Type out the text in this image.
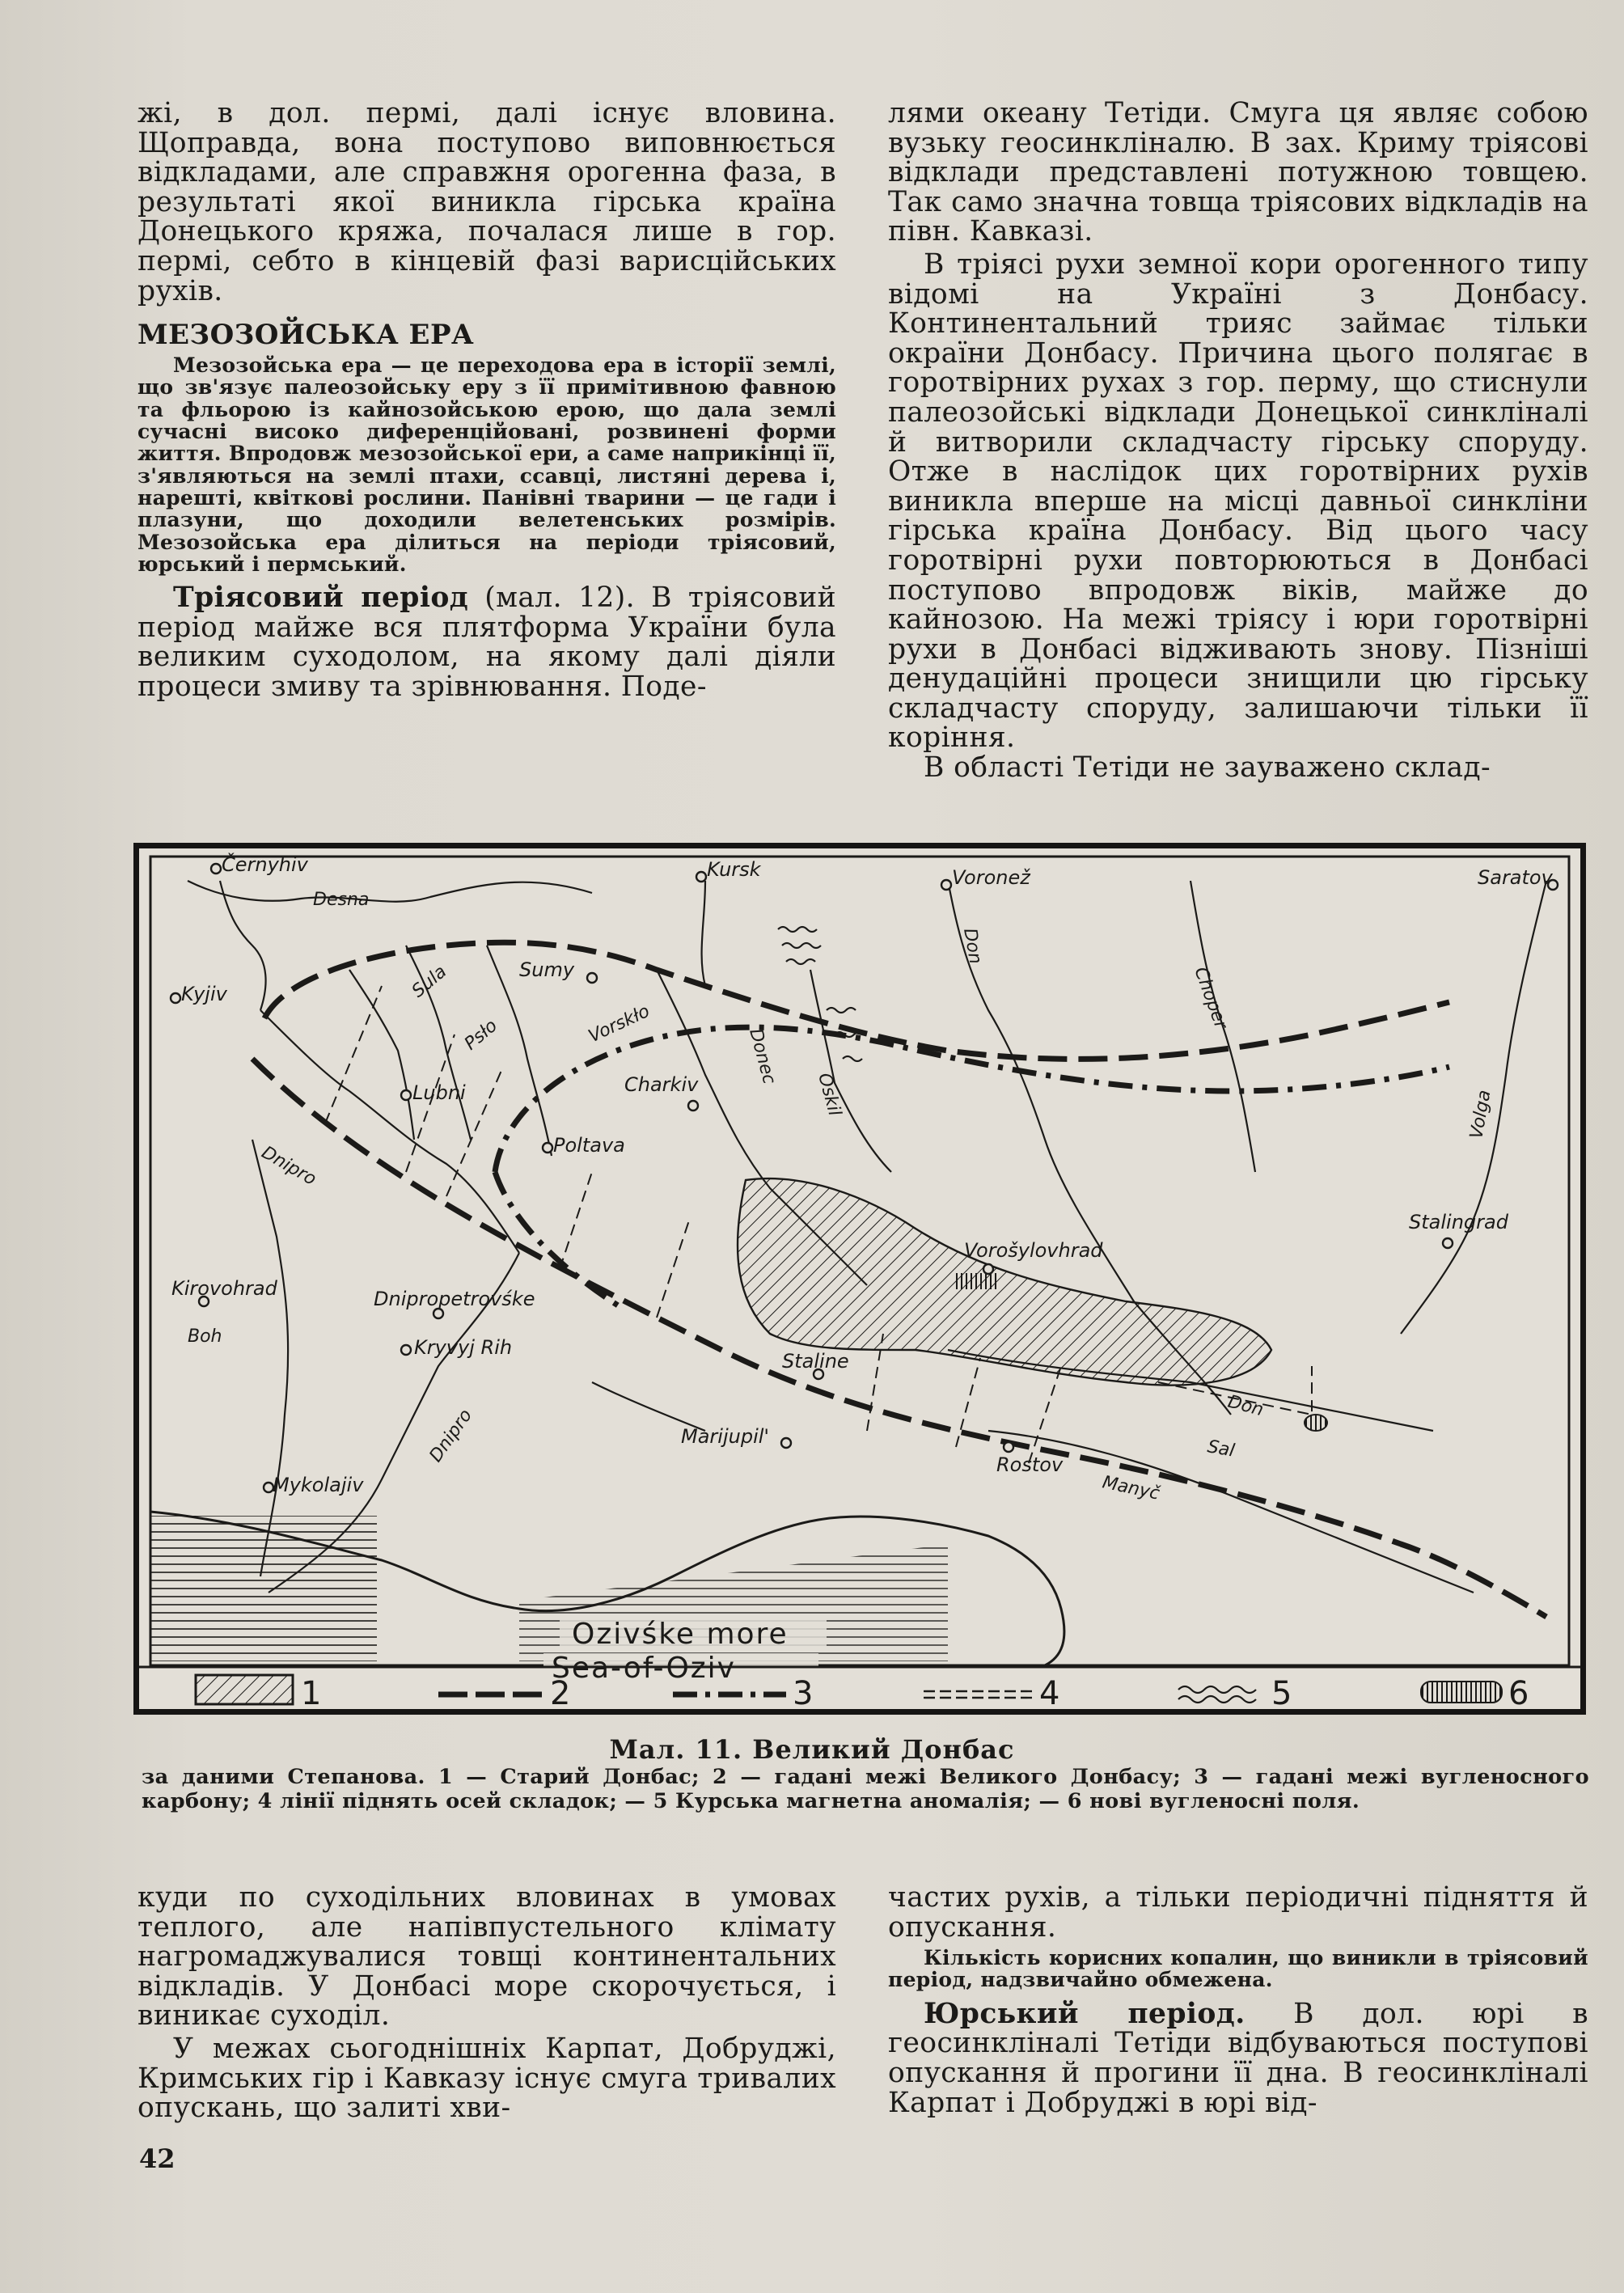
жі, в дол. пермі, далі існує вловина. Щоправда, вона поступово виповнюється відкладами, але справжня орогенна фаза, в результаті якої виникла гірська країна Донецького кряжа, почалася лише в гор. пермі, себто в кінцевій фазі варисційських рухів.

МЕЗОЗОЙСЬКА ЕРА

Мезозойська ера — це переходова ера в історії землі, що зв'язує палеозойську еру з її примітивною фавною та фльорою із кайнозойською ерою, що дала землі сучасні високо диференційовані, розвинені форми життя. Впродовж мезозойської ери, а саме наприкінці її, з'являються на землі птахи, ссавці, листяні дерева і, нарешті, квіткові рослини. Панівні тварини — це гади і плазуни, що доходили велетенських розмірів. Мезозойська ера ділиться на періоди тріясовий, юрський і пермський.

Тріясовий період (мал. 12). В тріясовий період майже вся плятформа України була великим суходолом, на якому далі діяли процеси змиву та зрівнювання. Поде-

лями океану Тетіди. Смуга ця являє собою вузьку геосинкліналю. В зах. Криму тріясові відклади представлені потужною товщею. Так само значна товща тріясових відкладів на півн. Кавказі.

В тріясі рухи земної кори орогенного типу відомі на Україні з Донбасу. Континентальний трияс займає тільки окраїни Донбасу. Причина цього полягає в горотвірних рухах з гор. перму, що стиснули палеозойські відклади Донецької синкліналі й витворили складчасту гірську споруду. Отже в наслідок цих горотвірних рухів виникла вперше на місці давньої синкліни гірська країна Донбасу. Від цього часу горотвірні рухи повторюються в Донбасі поступово впродовж віків, майже до кайнозою. На межі тріясу і юри горотвірні рухи в Донбасі відживають знову. Пізніші денудаційні процеси знищили цю гірську складчасту споруду, залишаючи тільки її коріння.

В області Тетіди не зауважено склад-

Černyhiv	Kursk	Voronež	Saratov
Kyjiv
Sumy
Lubni	Charkiv
Poltava
Stalingrad
Vorošylovhrad
Kirovohrad	Dnipropetrovśke
Kryvyj Rih
Staline
Marijupil'
Rostov
Mykolajiv
Desna
Sula
Psło	Vorskło
Donec
Oskil
Don
Choper
Volga
Dnipro
Boh
Dnipro	Don
Sal
Manyč
Ozivśke more
Sea-of-Oziv
1	2	3	4	5	6
Мал. 11. Великий Донбас
за даними Степанова. 1 — Старий Донбас; 2 — гадані межі Великого Донбасу; 3 — гадані межі вугленосного карбону; 4 лінії піднять осей складок; — 5 Курська магнетна аномалія; — 6 нові вугленосні поля.

куди по суходільних вловинах в умовах теплого, але напівпустельного клімату нагромаджувалися товщі континентальних відкладів. У Донбасі море скорочується, і виникає суходіл.

У межах сьогоднішніх Карпат, Добруджі, Кримських гір і Кавказу існує смуга тривалих опускань, що залиті хви-

частих рухів, а тільки періодичні підняття й опускання.

Кількість корисних копалин, що виникли в тріясовий період, надзвичайно обмежена.

Юрський період. В дол. юрі в геосинкліналі Тетіди відбуваються поступові опускання й прогини її дна. В геосинкліналі Карпат і Добруджі в юрі від-

42
